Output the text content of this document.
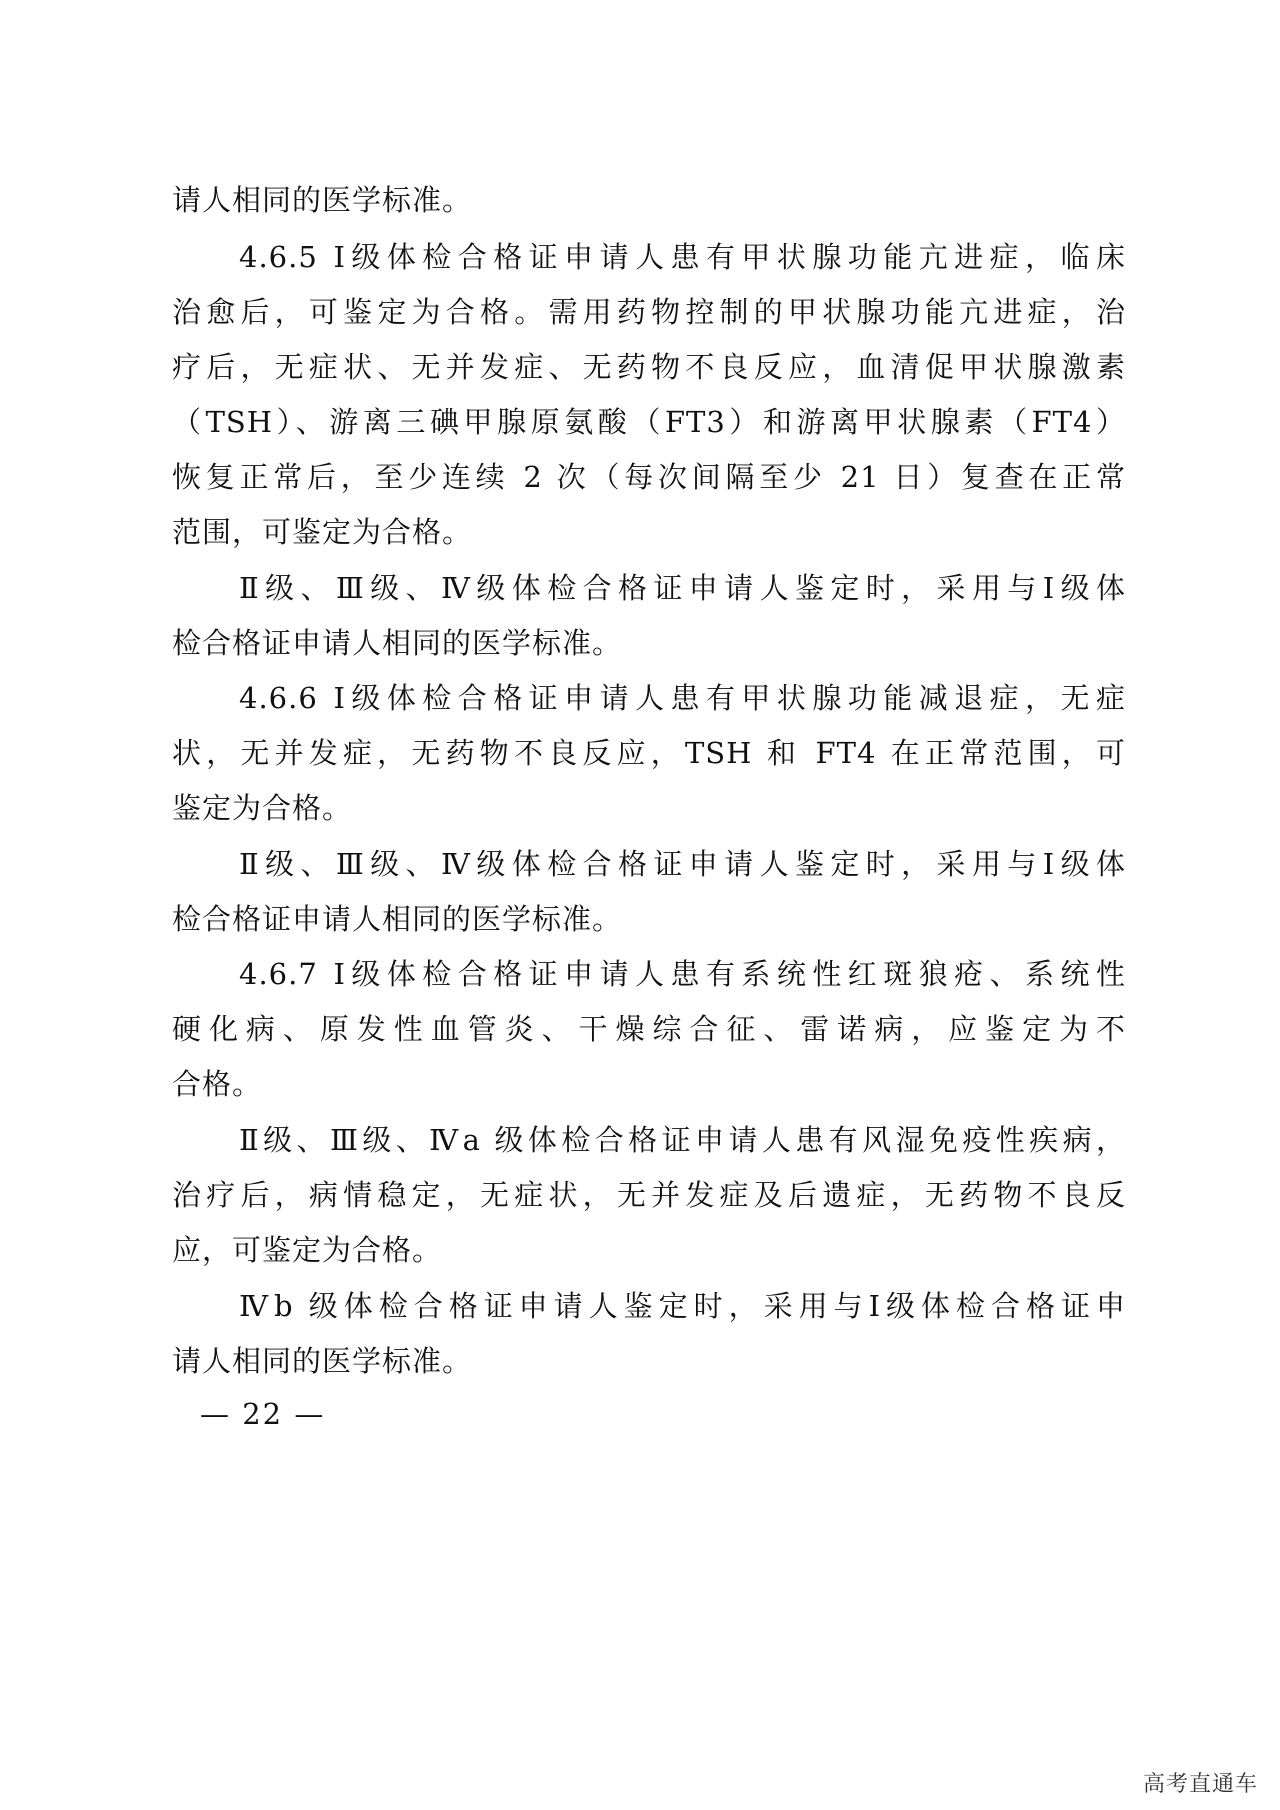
请人相同的医学标准。
4.6.5 Ⅰ级体检合格证申请人患有甲状腺功能亢进症，临床
治愈后，可鉴定为合格。需用药物控制的甲状腺功能亢进症，治
疗后，无症状、无并发症、无药物不良反应，血清促甲状腺激素
（TSH）、游离三碘甲腺原氨酸（FT3）和游离甲状腺素（FT4）
恢复正常后，至少连续 2 次（每次间隔至少 21 日）复查在正常
范围，可鉴定为合格。
Ⅱ级、Ⅲ级、Ⅳ级体检合格证申请人鉴定时，采用与Ⅰ级体
检合格证申请人相同的医学标准。
4.6.6 Ⅰ级体检合格证申请人患有甲状腺功能减退症，无症
状，无并发症，无药物不良反应，TSH 和 FT4 在正常范围，可
鉴定为合格。
Ⅱ级、Ⅲ级、Ⅳ级体检合格证申请人鉴定时，采用与Ⅰ级体
检合格证申请人相同的医学标准。
4.6.7 Ⅰ级体检合格证申请人患有系统性红斑狼疮、系统性
硬化病、原发性血管炎、干燥综合征、雷诺病，应鉴定为不
合格。
Ⅱ级、Ⅲ级、Ⅳa 级体检合格证申请人患有风湿免疫性疾病，
治疗后，病情稳定，无症状，无并发症及后遗症，无药物不良反
应，可鉴定为合格。
Ⅳb 级体检合格证申请人鉴定时，采用与Ⅰ级体检合格证申
请人相同的医学标准。
— 22 —
高考直通车
